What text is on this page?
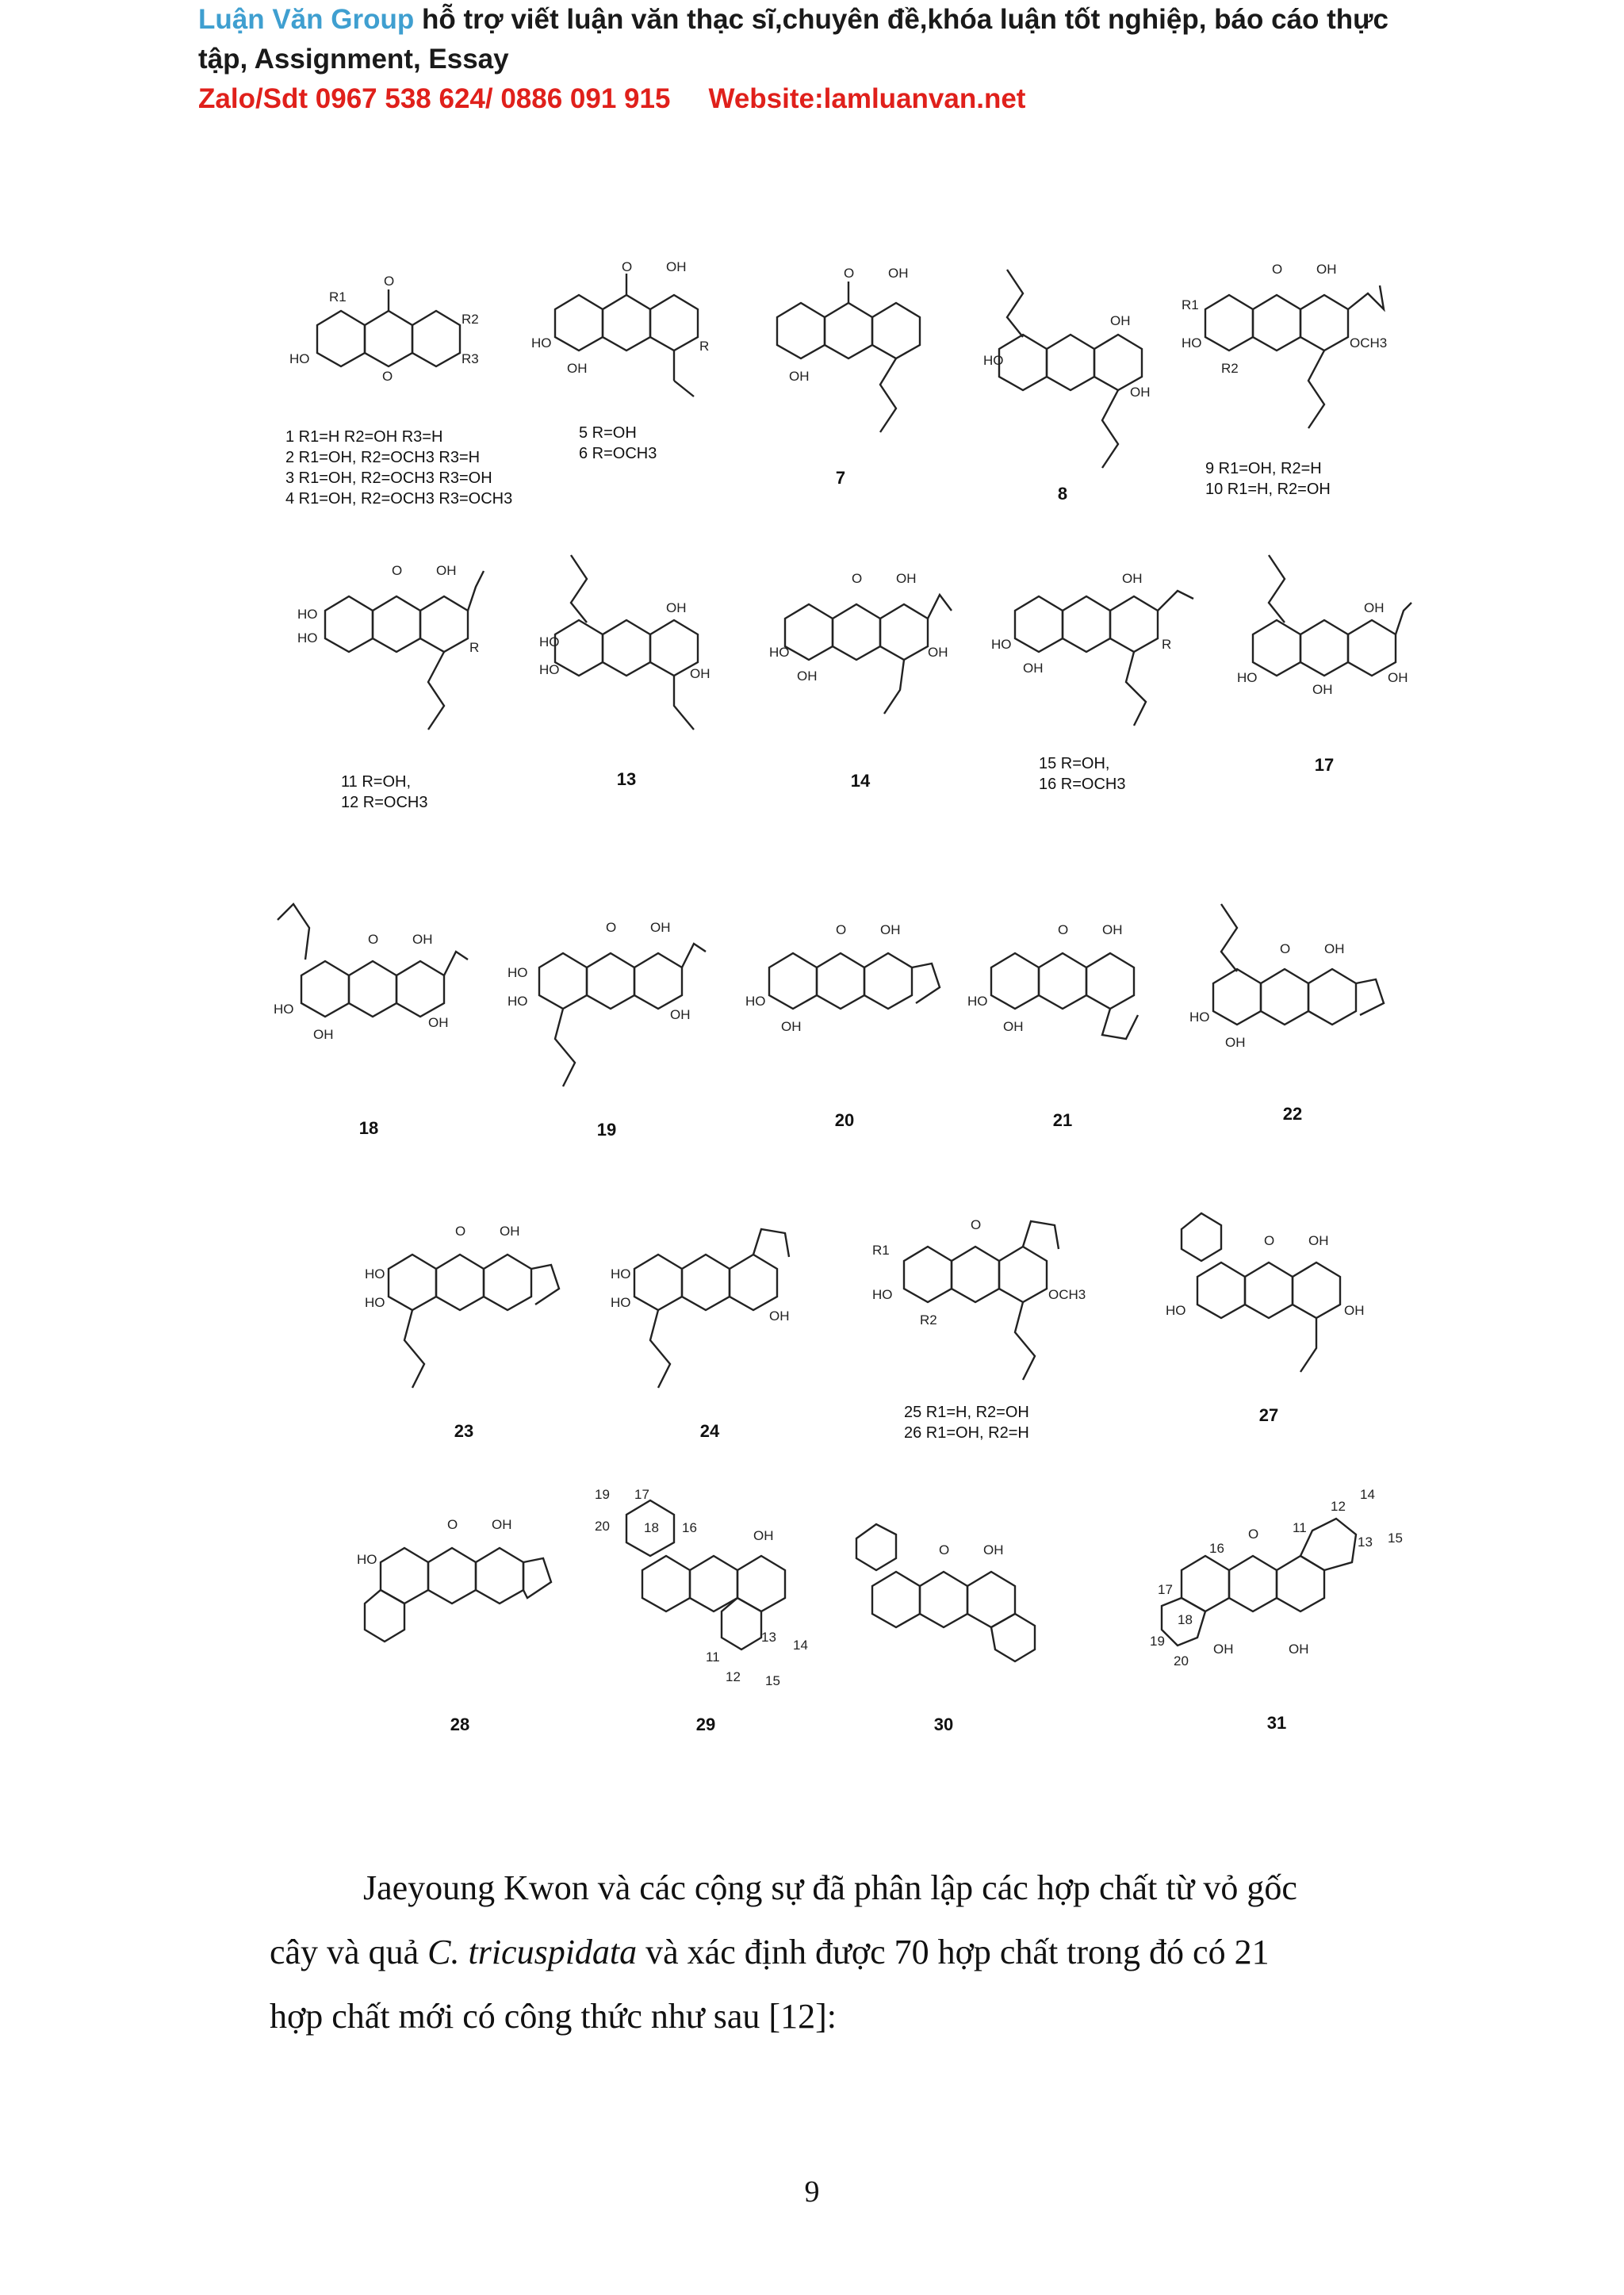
Luận Văn Group hỗ trợ viết luận văn thạc sĩ,chuyên đề,khóa luận tốt nghiệp, báo cáo thực
tập, Assignment, Essay
Zalo/Sdt 0967 538 624/ 0886 091 915 Website:lamluanvan.net
O
O
R1
R2
R3
HO
1 R1=H R2=OH R3=H
2 R1=OH, R2=OCH3 R3=H
3 R1=OH, R2=OCH3 R3=OH
4 R1=OH, R2=OCH3 R3=OCH3
O	OH
HO
OH
R
5 R=OH
6 R=OCH3
O	OH
OH
7
HO
OH
OH
8
O	OH
R1
HO
R2
OCH3
9 R1=OH, R2=H
10 R1=H, R2=OH
O	OH
HO
HO
R
11 R=OH,
12 R=OCH3
HO
HO
OH
OH
13
O	OH
HO
OH
OH
14
OH
HO
OH
R
15 R=OH,
16 R=OCH3
HO
OH
OH
OH
17
O	OH
HO
OH
OH
18
O	OH
HO
HO
OH
19
O	OH
HO
OH
20
O	OH
HO
OH
21
O	OH
HO
OH
22
O	OH
HO
HO
23
HO
HO
OH
24
O
R1
HO
R2
OCH3
25 R1=H, R2=OH
26 R1=OH, R2=H
O	OH
HO	OH
27
O	OH
HO
28
19 17
20	18 16
OH
11
13
14
12 15
29
O	OH
30
O	11
12
14
13 15
16
17
18
19
20
OH	OH
31
Jaeyoung Kwon và các cộng sự đã phân lập các hợp chất từ vỏ gốc
cây và quả C. tricuspidata và xác định được 70 hợp chất trong đó có 21
hợp chất mới có công thức như sau [12]:
9
